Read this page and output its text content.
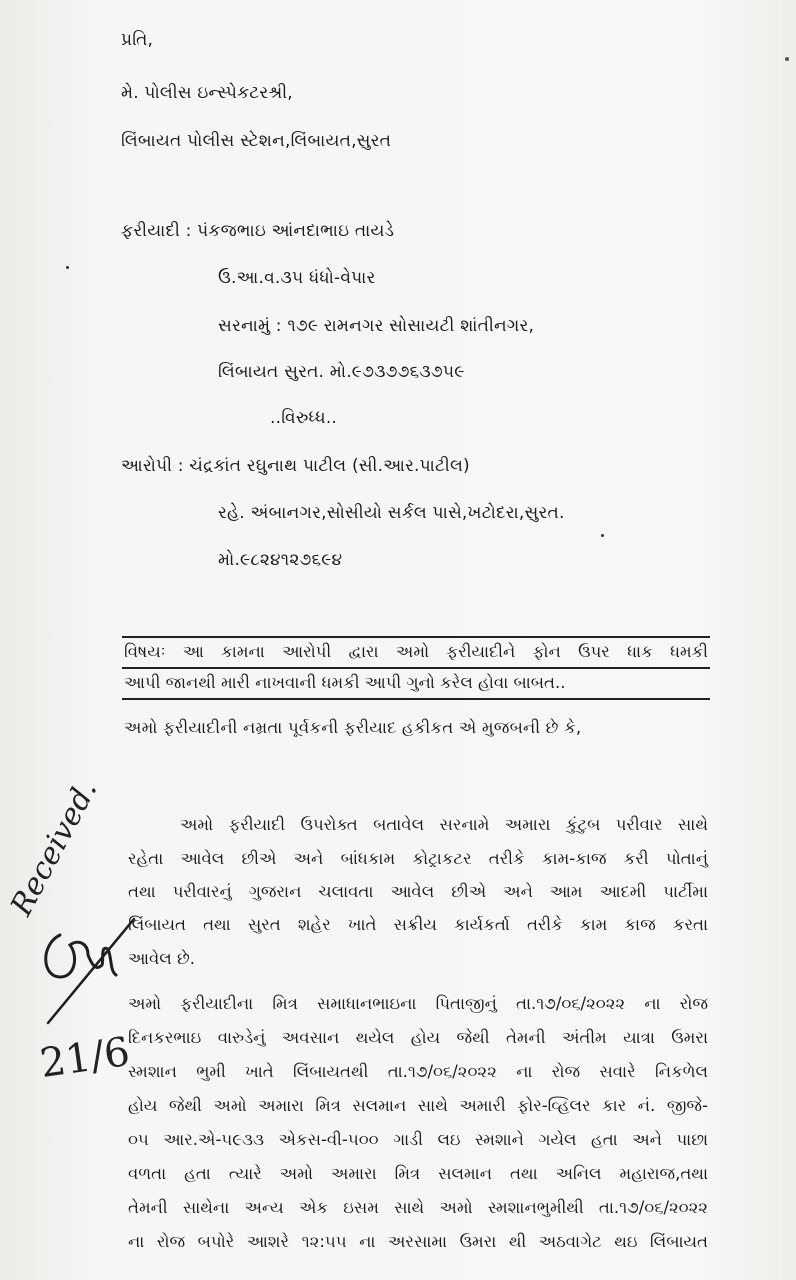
પ્રતિ,
મે. પોલીસ ઇન્સ્પેકટરશ્રી,
લિંબાયત પોલીસ સ્ટેશન,લિંબાયત,સુરત
ફરીયાદી : પંકજભાઇ આંનદાભાઇ તાયડે
ઉ.આ.વ.૩૫ ધંધો-વેપાર
સરનામું : ૧૭૯ રામનગર સોસાયટી શાંતીનગર,
લિંબાયત સુરત. મો.૯૭૩૭૭૬૩૭૫૯
..વિરુધ્ધ..
આરોપી : ચંદ્રકાંત રઘુનાથ પાટીલ (સી.આર.પાટીલ)
રહે. અંબાનગર,સોસીયો સર્કલ પાસે,ખટોદરા,સુરત.
મો.૯૮૨૪૧૨૭૬૯૪
વિષયઃ આ કામના આરોપી દ્વારા અમો ફરીયાદીને ફોન ઉપર ધાક ધમકી
આપી જાનથી મારી નાખવાની ધમકી આપી ગુનો કરેલ હોવા બાબત..
અમો ફરીયાદીની નમ્રતા પૂર્વકની ફરીયાદ હકીકત એ મુજબની છે કે,
અમો ફરીયાદી ઉપરોક્ત બતાવેલ સરનામે અમારા કુંટુબ પરીવાર સાથે
રહેતા આવેલ છીએ અને બાંધકામ કોટ્રાકટર તરીકે કામ-કાજ કરી પોતાનું
તથા પરીવારનું ગુજરાન ચલાવતા આવેલ છીએ અને આમ આદમી પાર્ટીમા
લિંબાયત તથા સુરત શહેર ખાતે સક્રીય કાર્યકર્તા તરીકે કામ કાજ કરતા
આવેલ છે.
અમો ફરીયાદીના મિત્ર સમાધાનભાઇના પિતાજીનું તા.૧૭/૦૬/૨૦૨૨ ના રોજ
દિનકરભાઇ વારુડેનું અવસાન થયેલ હોય જેથી તેમની અંતીમ યાત્રા ઉમરા
સ્મશાન ભુમી ખાતે લિંબાયતથી તા.૧૭/૦૬/૨૦૨૨ ના રોજ સવારે નિકળેલ
હોય જેથી અમો અમારા મિત્ર સલમાન સાથે અમારી ફોર-વ્હિલર કાર નં. જીજે-
૦૫ આર.એ-૫૯૩૩ એકસ-વી-૫૦૦ ગાડી લઇ સ્મશાને ગયેલ હતા અને પાછા
વળતા હતા ત્યારે અમો અમારા મિત્ર સલમાન તથા અનિલ મહારાજ,તથા
તેમની સાથેના અન્ય એક ઇસમ સાથે અમો સ્મશાનભુમીથી તા.૧૭/૦૬/૨૦૨૨
ના રોજ બપોરે આશરે ૧૨:૫૫ ના અરસામા ઉમરા થી અઠવાગેટ થઇ લિંબાયત
Received.
21/6
